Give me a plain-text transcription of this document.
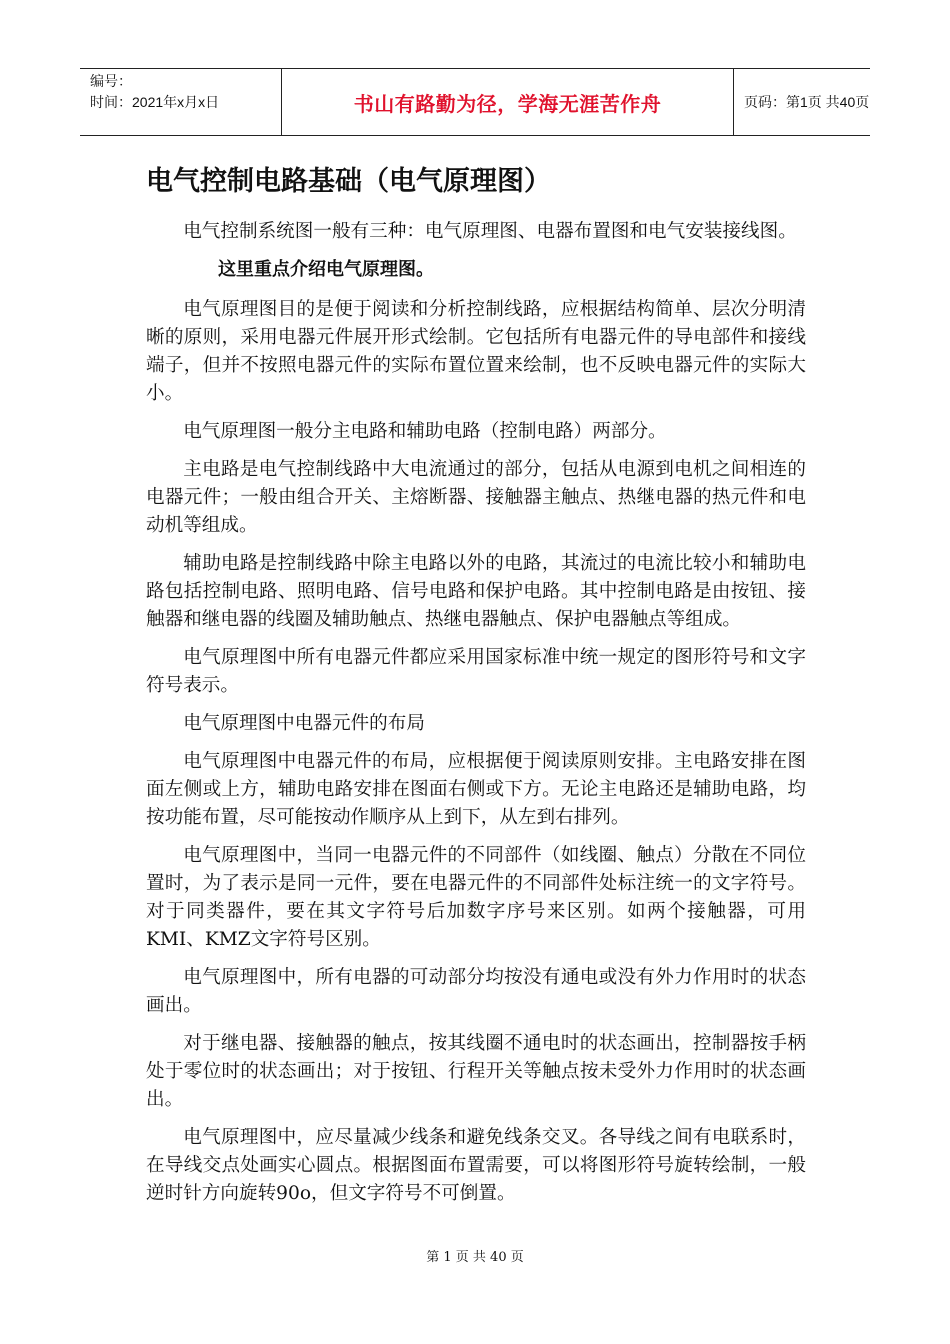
编号：
时间：2021年x月x日	书山有路勤为径，学海无涯苦作舟	页码：第1页 共40页
电气控制电路基础（电气原理图）

电气控制系统图一般有三种：电气原理图、电器布置图和电气安装接线图。

这里重点介绍电气原理图。

电气原理图目的是便于阅读和分析控制线路，应根据结构简单、层次分明清晰的原则，采用电器元件展开形式绘制。它包括所有电器元件的导电部件和接线端子，但并不按照电器元件的实际布置位置来绘制，也不反映电器元件的实际大小。

电气原理图一般分主电路和辅助电路（控制电路）两部分。

主电路是电气控制线路中大电流通过的部分，包括从电源到电机之间相连的电器元件；一般由组合开关、主熔断器、接触器主触点、热继电器的热元件和电动机等组成。

辅助电路是控制线路中除主电路以外的电路，其流过的电流比较小和辅助电路包括控制电路、照明电路、信号电路和保护电路。其中控制电路是由按钮、接触器和继电器的线圈及辅助触点、热继电器触点、保护电器触点等组成。

电气原理图中所有电器元件都应采用国家标准中统一规定的图形符号和文字符号表示。

电气原理图中电器元件的布局

电气原理图中电器元件的布局，应根据便于阅读原则安排。主电路安排在图面左侧或上方，辅助电路安排在图面右侧或下方。无论主电路还是辅助电路，均按功能布置，尽可能按动作顺序从上到下，从左到右排列。

电气原理图中，当同一电器元件的不同部件（如线圈、触点）分散在不同位置时，为了表示是同一元件，要在电器元件的不同部件处标注统一的文字符号。对于同类器件，要在其文字符号后加数字序号来区别。如两个接触器，可用KMI、KMZ文字符号区别。

电气原理图中，所有电器的可动部分均按没有通电或没有外力作用时的状态画出。

对于继电器、接触器的触点，按其线圈不通电时的状态画出，控制器按手柄处于零位时的状态画出；对于按钮、行程开关等触点按未受外力作用时的状态画出。

电气原理图中，应尽量减少线条和避免线条交叉。各导线之间有电联系时，在导线交点处画实心圆点。根据图面布置需要，可以将图形符号旋转绘制，一般逆时针方向旋转90o，但文字符号不可倒置。

第 1 页 共 40 页
